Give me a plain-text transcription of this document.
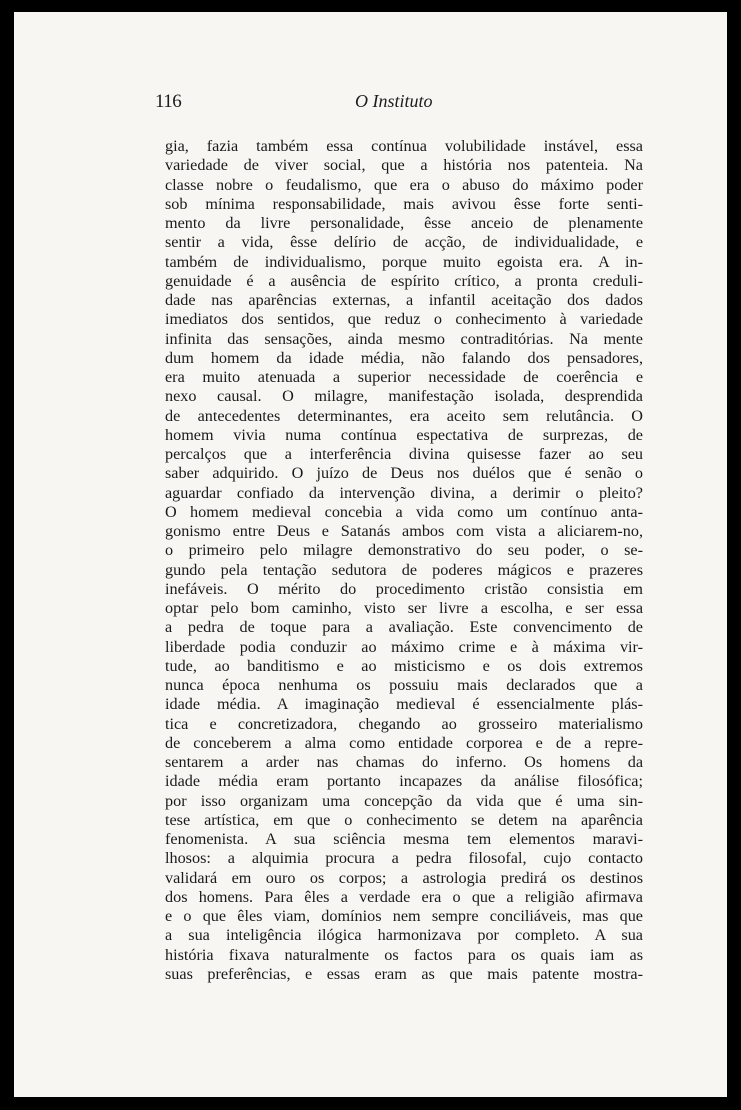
116	O Instituto
gia, fazia também essa contínua volubilidade instável, essa
variedade de viver social, que a história nos patenteia. Na
classe nobre o feudalismo, que era o abuso do máximo poder
sob mínima responsabilidade, mais avivou êsse forte senti-
mento da livre personalidade, êsse anceio de plenamente
sentir a vida, êsse delírio de acção, de individualidade, e
também de individualismo, porque muito egoista era. A in-
genuidade é a ausência de espírito crítico, a pronta creduli-
dade nas aparências externas, a infantil aceitação dos dados
imediatos dos sentidos, que reduz o conhecimento à variedade
infinita das sensações, ainda mesmo contraditórias. Na mente
dum homem da idade média, não falando dos pensadores,
era muito atenuada a superior necessidade de coerência e
nexo causal. O milagre, manifestação isolada, desprendida
de antecedentes determinantes, era aceito sem relutância. O
homem vivia numa contínua espectativa de surprezas, de
percalços que a interferência divina quisesse fazer ao seu
saber adquirido. O juízo de Deus nos duélos que é senão o
aguardar confiado da intervenção divina, a derimir o pleito?
O homem medieval concebia a vida como um contínuo anta-
gonismo entre Deus e Satanás ambos com vista a aliciarem-no,
o primeiro pelo milagre demonstrativo do seu poder, o se-
gundo pela tentação sedutora de poderes mágicos e prazeres
inefáveis. O mérito do procedimento cristão consistia em
optar pelo bom caminho, visto ser livre a escolha, e ser essa
a pedra de toque para a avaliação. Este convencimento de
liberdade podia conduzir ao máximo crime e à máxima vir-
tude, ao banditismo e ao misticismo e os dois extremos
nunca época nenhuma os possuiu mais declarados que a
idade média. A imaginação medieval é essencialmente plás-
tica e concretizadora, chegando ao grosseiro materialismo
de conceberem a alma como entidade corporea e de a repre-
sentarem a arder nas chamas do inferno. Os homens da
idade média eram portanto incapazes da análise filosófica;
por isso organizam uma concepção da vida que é uma sin-
tese artística, em que o conhecimento se detem na aparência
fenomenista. A sua sciência mesma tem elementos maravi-
lhosos: a alquimia procura a pedra filosofal, cujo contacto
validará em ouro os corpos; a astrologia predirá os destinos
dos homens. Para êles a verdade era o que a religião afirmava
e o que êles viam, domínios nem sempre conciliáveis, mas que
a sua inteligência ilógica harmonizava por completo. A sua
história fixava naturalmente os factos para os quais iam as
suas preferências, e essas eram as que mais patente mostra-
